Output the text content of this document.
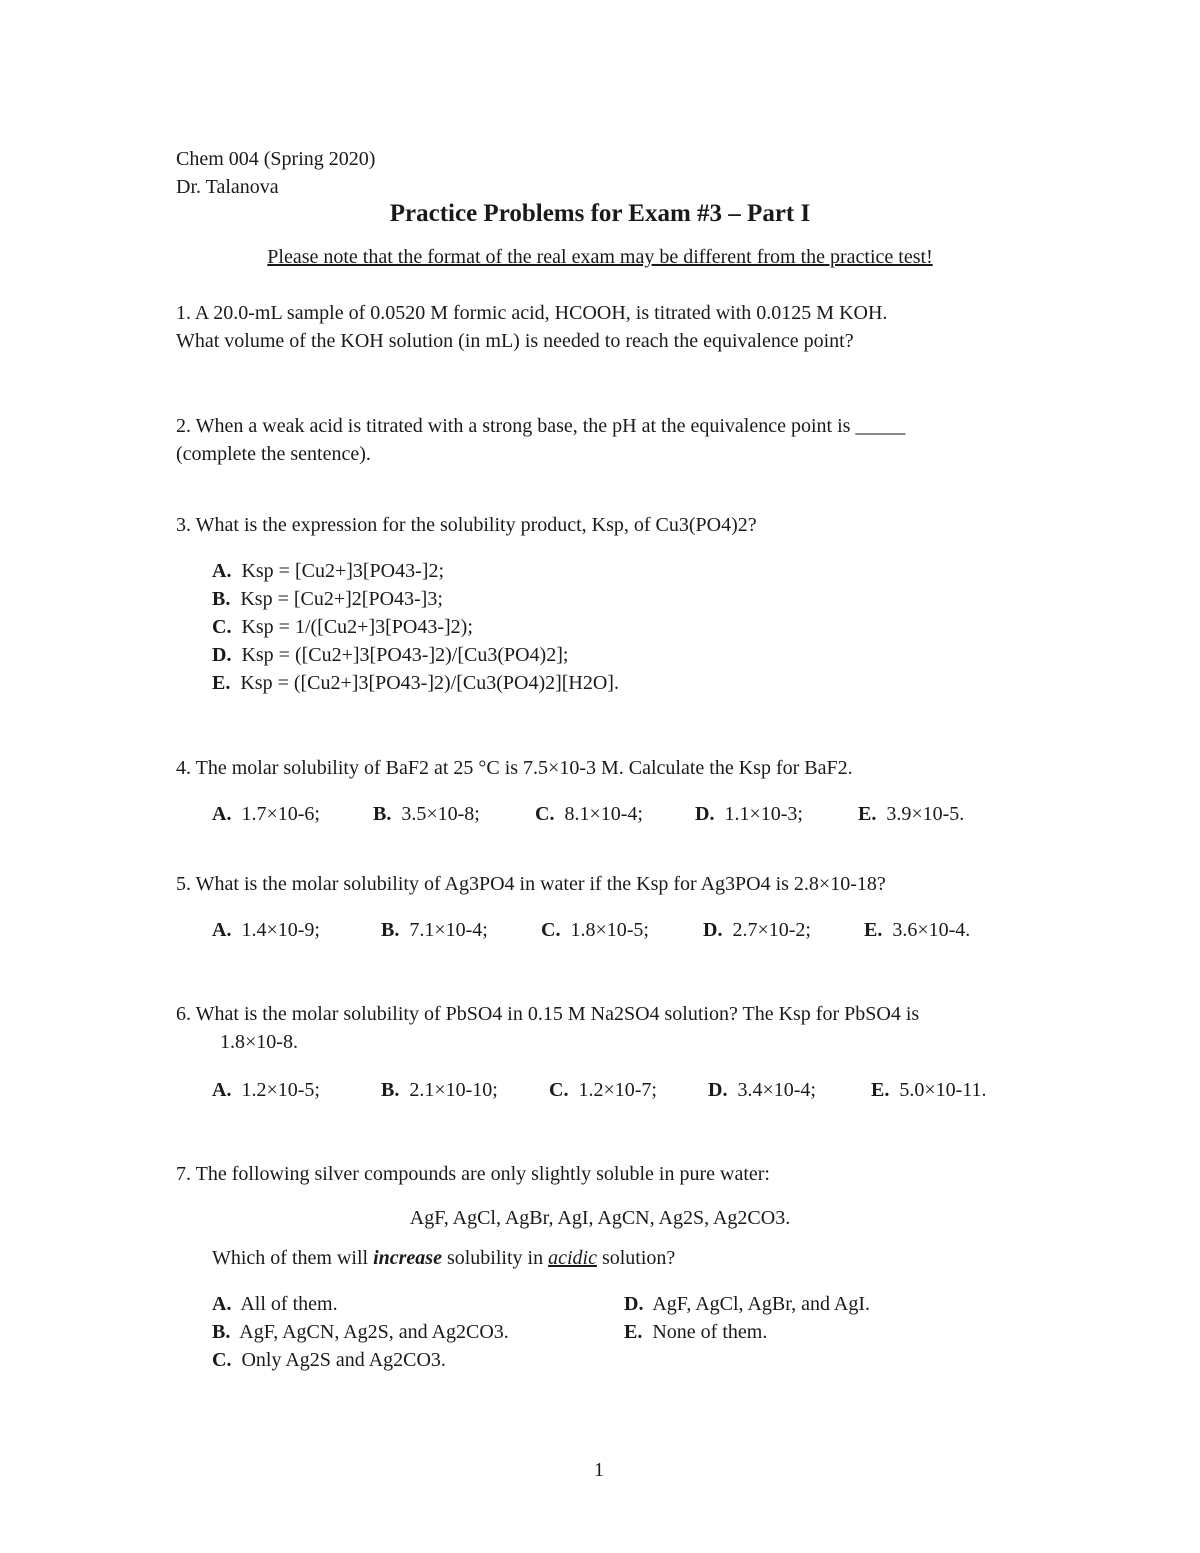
Chem 004 (Spring 2020)
Dr. Talanova
Practice Problems for Exam #3 – Part I
Please note that the format of the real exam may be different from the practice test!
1. A 20.0-mL sample of 0.0520 M formic acid, HCOOH, is titrated with 0.0125 M KOH.
What volume of the KOH solution (in mL) is needed to reach the equivalence point?
2. When a weak acid is titrated with a strong base, the pH at the equivalence point is _____
(complete the sentence).
3. What is the expression for the solubility product, Ksp, of Cu3(PO4)2?
A. Ksp = [Cu2+]3[PO43-]2;
B. Ksp = [Cu2+]2[PO43-]3;
C. Ksp = 1/([Cu2+]3[PO43-]2);
D. Ksp = ([Cu2+]3[PO43-]2)/[Cu3(PO4)2];
E. Ksp = ([Cu2+]3[PO43-]2)/[Cu3(PO4)2][H2O].
4. The molar solubility of BaF2 at 25 °C is 7.5×10-3 M. Calculate the Ksp for BaF2.
A. 1.7×10-6;	B. 3.5×10-8;	C. 8.1×10-4;	D. 1.1×10-3;	E. 3.9×10-5.
5. What is the molar solubility of Ag3PO4 in water if the Ksp for Ag3PO4 is 2.8×10-18?
A. 1.4×10-9;	B. 7.1×10-4;	C. 1.8×10-5;	D. 2.7×10-2;	E. 3.6×10-4.
6. What is the molar solubility of PbSO4 in 0.15 M Na2SO4 solution? The Ksp for PbSO4 is
1.8×10-8.
A. 1.2×10-5;	B. 2.1×10-10;	C. 1.2×10-7;	D. 3.4×10-4;	E. 5.0×10-11.
7. The following silver compounds are only slightly soluble in pure water:
AgF, AgCl, AgBr, AgI, AgCN, Ag2S, Ag2CO3.
Which of them will increase solubility in acidic solution?
A. All of them.
B. AgF, AgCN, Ag2S, and Ag2CO3.
C. Only Ag2S and Ag2CO3.
D. AgF, AgCl, AgBr, and AgI.
E. None of them.
1
